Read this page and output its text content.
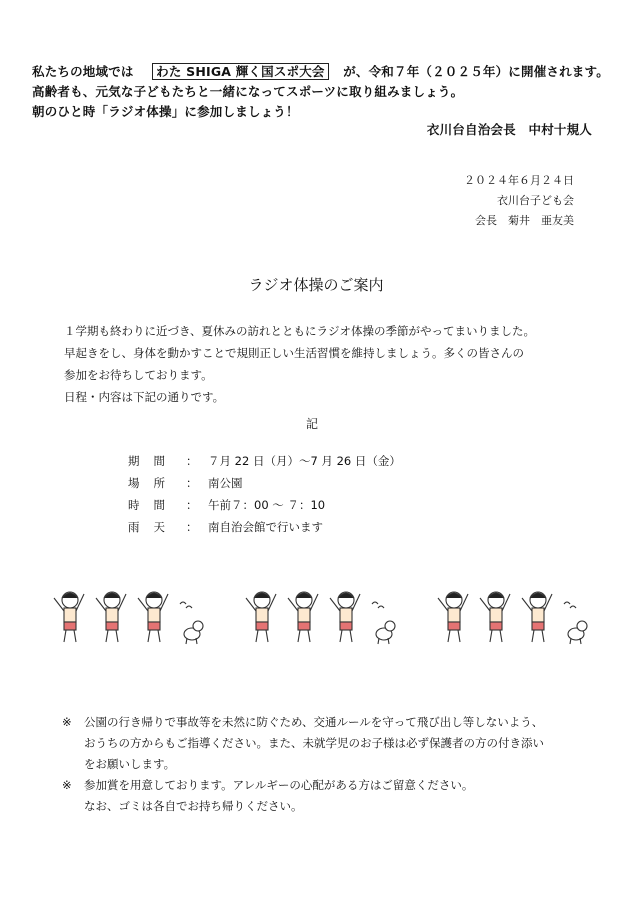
私たちの地域では わた SHIGA 輝く国スポ大会 が、令和７年（２０２５年）に開催されます。
高齢者も、元気な子どもたちと一緒になってスポーツに取り組みましょう。
朝のひと時「ラジオ体操」に参加しましょう！
衣川台自治会長　中村十規人
２０２４年６月２４日
衣川台子ども会
会長　菊井　亜友美
ラジオ体操のご案内
１学期も終わりに近づき、夏休みの訪れとともにラジオ体操の季節がやってまいりました。
早起きをし、身体を動かすことで規則正しい生活習慣を維持しましょう。多くの皆さんの
参加をお待ちしております。
日程・内容は下記の通りです。
記
期間 ： ７月 22 日（月）～7 月 26 日（金）
場所 ： 南公園
時間 ： 午前７：00 ～ ７：10
雨天 ： 南自治会館で行います
※ 公園の行き帰りで事故等を未然に防ぐため、交通ルールを守って飛び出し等しないよう、
おうちの方からもご指導ください。また、未就学児のお子様は必ず保護者の方の付き添い
をお願いします。
※ 参加賞を用意しております。アレルギーの心配がある方はご留意ください。
なお、ゴミは各自でお持ち帰りください。
